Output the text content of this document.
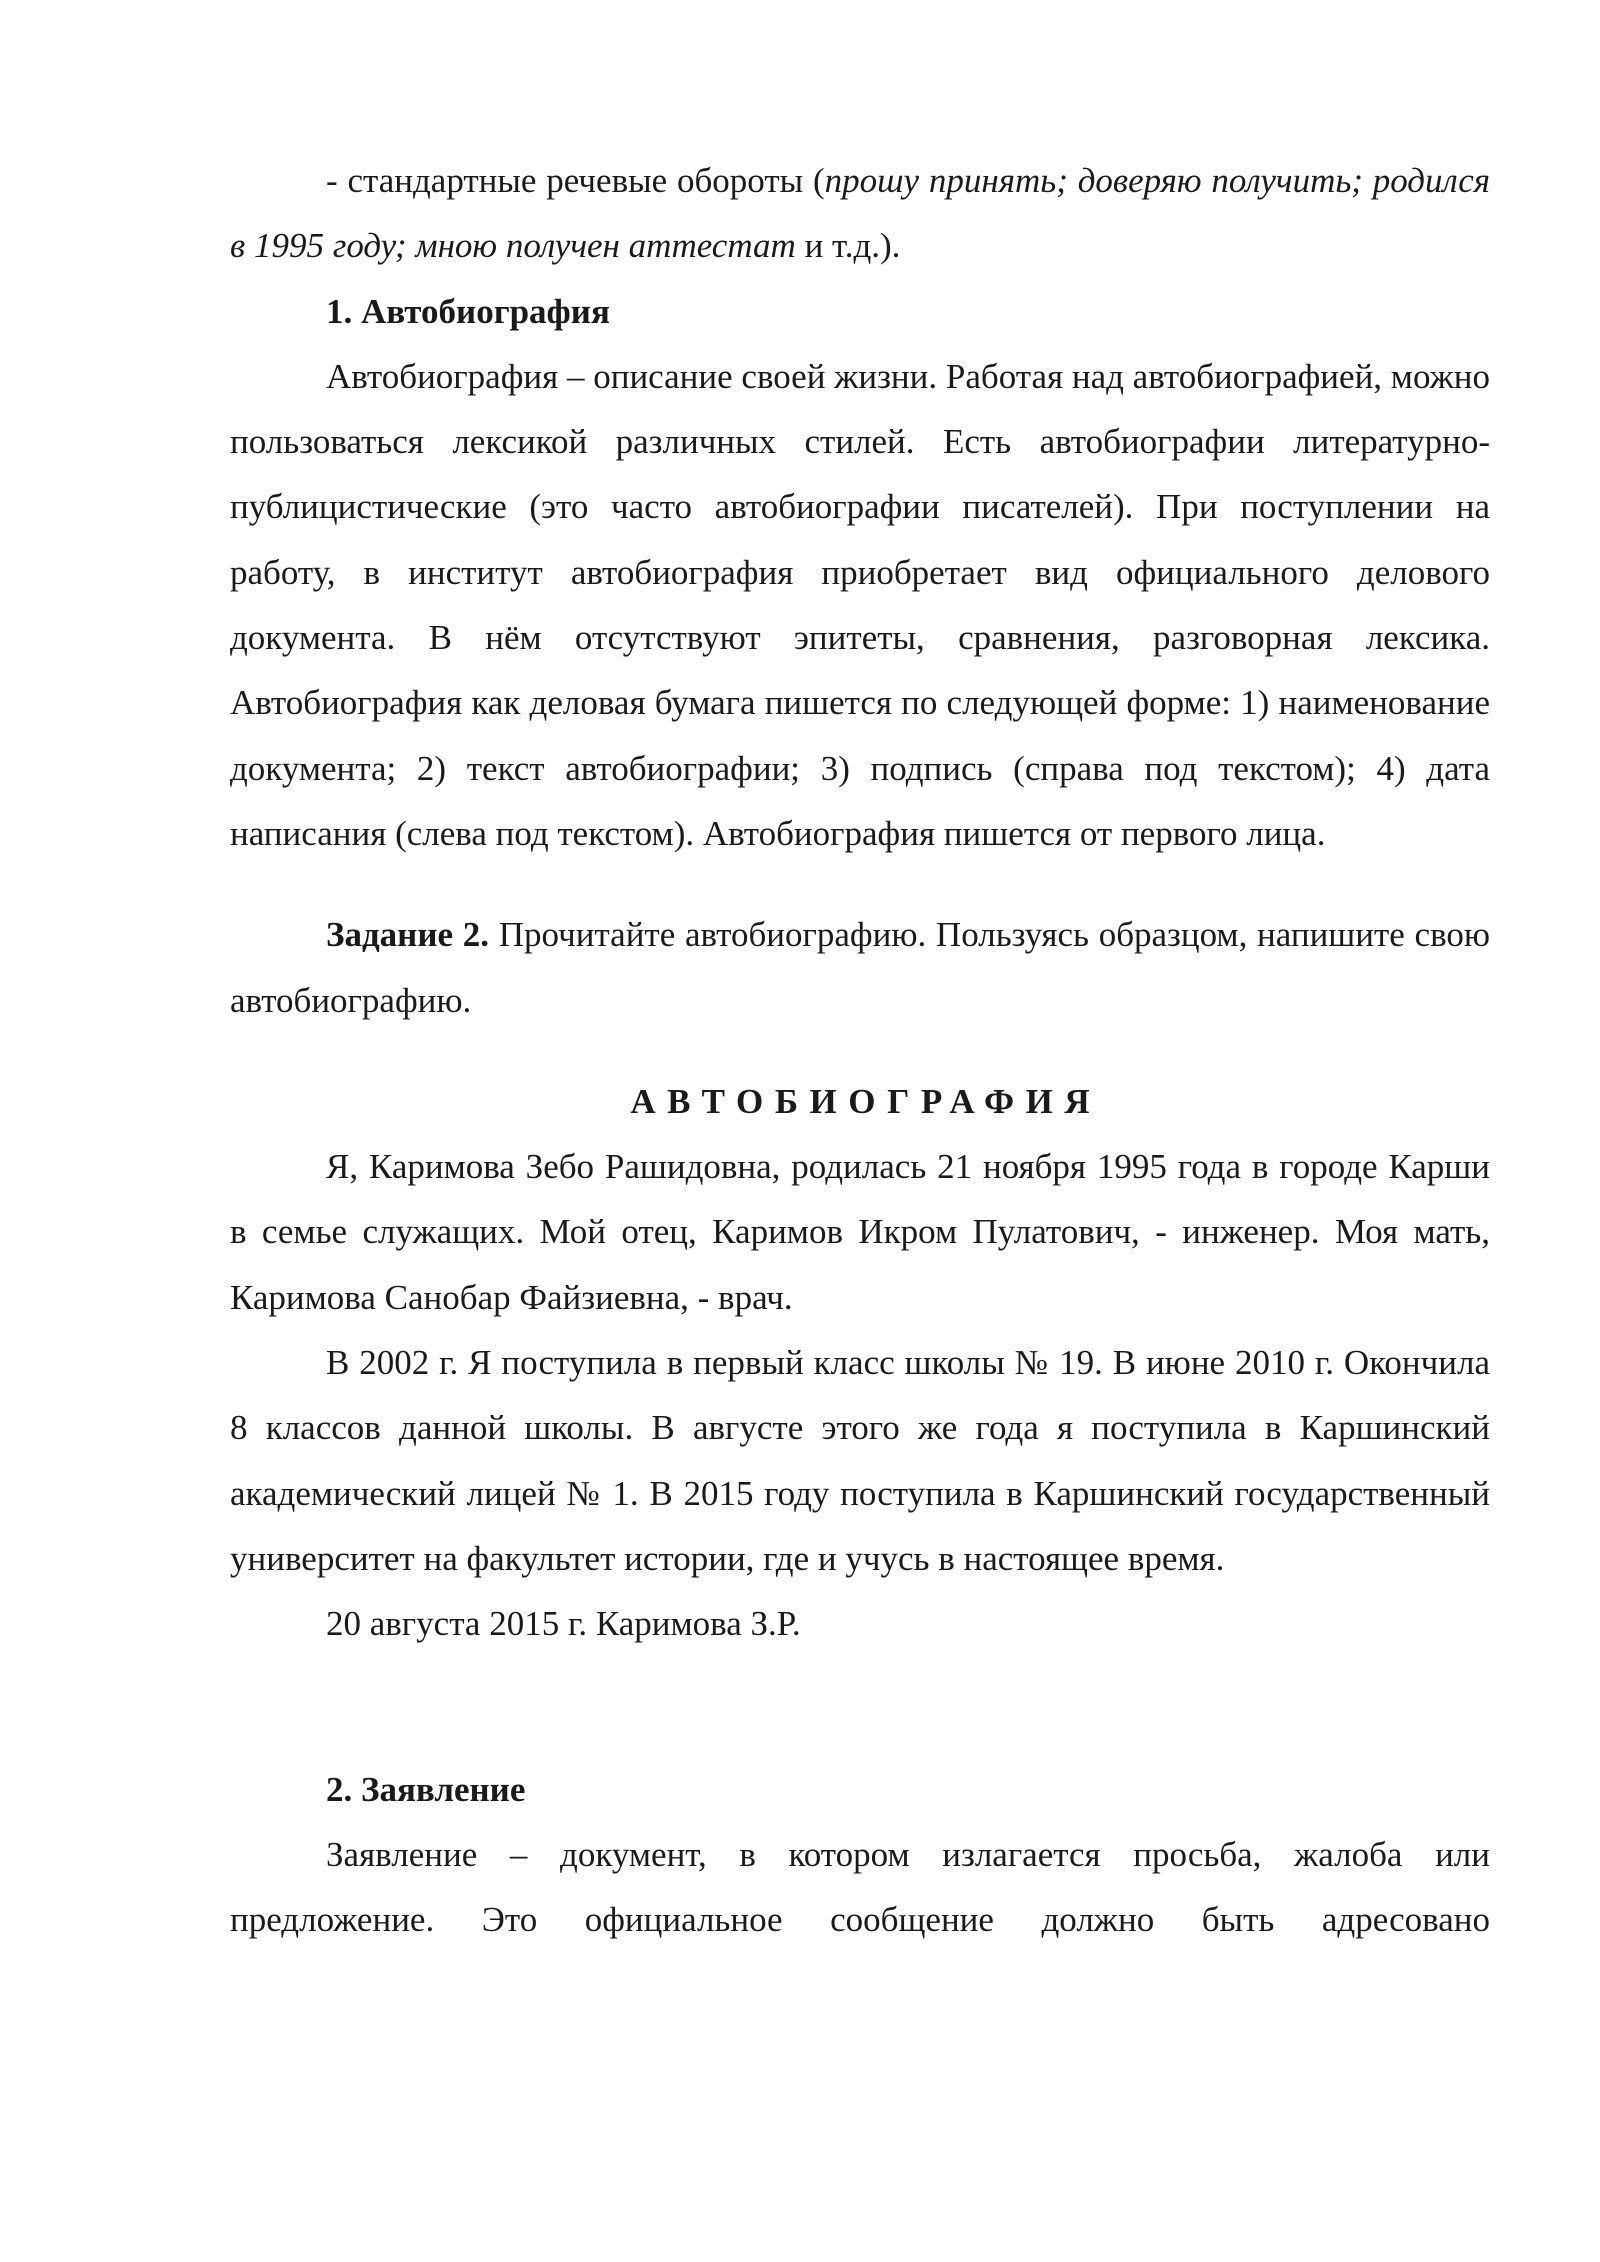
- стандартные речевые обороты (прошу принять; доверяю получить; родился в 1995 году; мною получен аттестат и т.д.).

1. Автобиография

Автобиография – описание своей жизни. Работая над автобиографией, можно пользоваться лексикой различных стилей. Есть автобиографии литературно-публицистические (это часто автобиографии писателей). При поступлении на работу, в институт автобиография приобретает вид официального делового документа. В нём отсутствуют эпитеты, сравнения, разговорная лексика. Автобиография как деловая бумага пишется по следующей форме: 1) наименование документа; 2) текст автобиографии; 3) подпись (справа под текстом); 4) дата написания (слева под текстом). Автобиография пишется от первого лица.

Задание 2. Прочитайте автобиографию. Пользуясь образцом, напишите свою автобиографию.

АВТОБИОГРАФИЯ

Я, Каримова Зебо Рашидовна, родилась 21 ноября 1995 года в городе Карши в семье служащих. Мой отец, Каримов Икром Пулатович, - инженер. Моя мать, Каримова Санобар Файзиевна, - врач.

В 2002 г. Я поступила в первый класс школы № 19. В июне 2010 г. Окончила 8 классов данной школы. В августе этого же года я поступила в Каршинский академический лицей № 1. В 2015 году поступила в Каршинский государственный университет на факультет истории, где и учусь в настоящее время.

20 августа 2015 г. Каримова З.Р.

2. Заявление

Заявление – документ, в котором излагается просьба, жалоба или предложение. Это официальное сообщение должно быть адресовано
